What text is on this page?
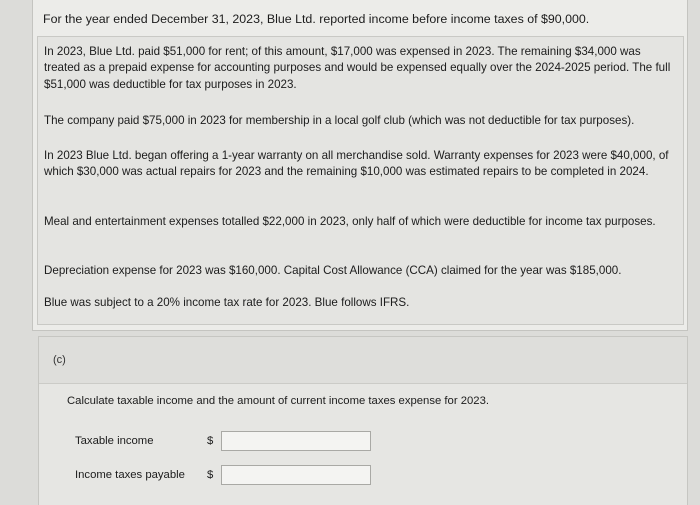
For the year ended December 31, 2023, Blue Ltd. reported income before income taxes of $90,000.

In 2023, Blue Ltd. paid $51,000 for rent; of this amount, $17,000 was expensed in 2023. The remaining $34,000 was treated as a prepaid expense for accounting purposes and would be expensed equally over the 2024-2025 period. The full $51,000 was deductible for tax purposes in 2023.

The company paid $75,000 in 2023 for membership in a local golf club (which was not deductible for tax purposes).

In 2023 Blue Ltd. began offering a 1-year warranty on all merchandise sold. Warranty expenses for 2023 were $40,000, of which $30,000 was actual repairs for 2023 and the remaining $10,000 was estimated repairs to be completed in 2024.

Meal and entertainment expenses totalled $22,000 in 2023, only half of which were deductible for income tax purposes.

Depreciation expense for 2023 was $160,000. Capital Cost Allowance (CCA) claimed for the year was $185,000.

Blue was subject to a 20% income tax rate for 2023. Blue follows IFRS.

(c)

Calculate taxable income and the amount of current income taxes expense for 2023.

Taxable income	$
Income taxes payable $
